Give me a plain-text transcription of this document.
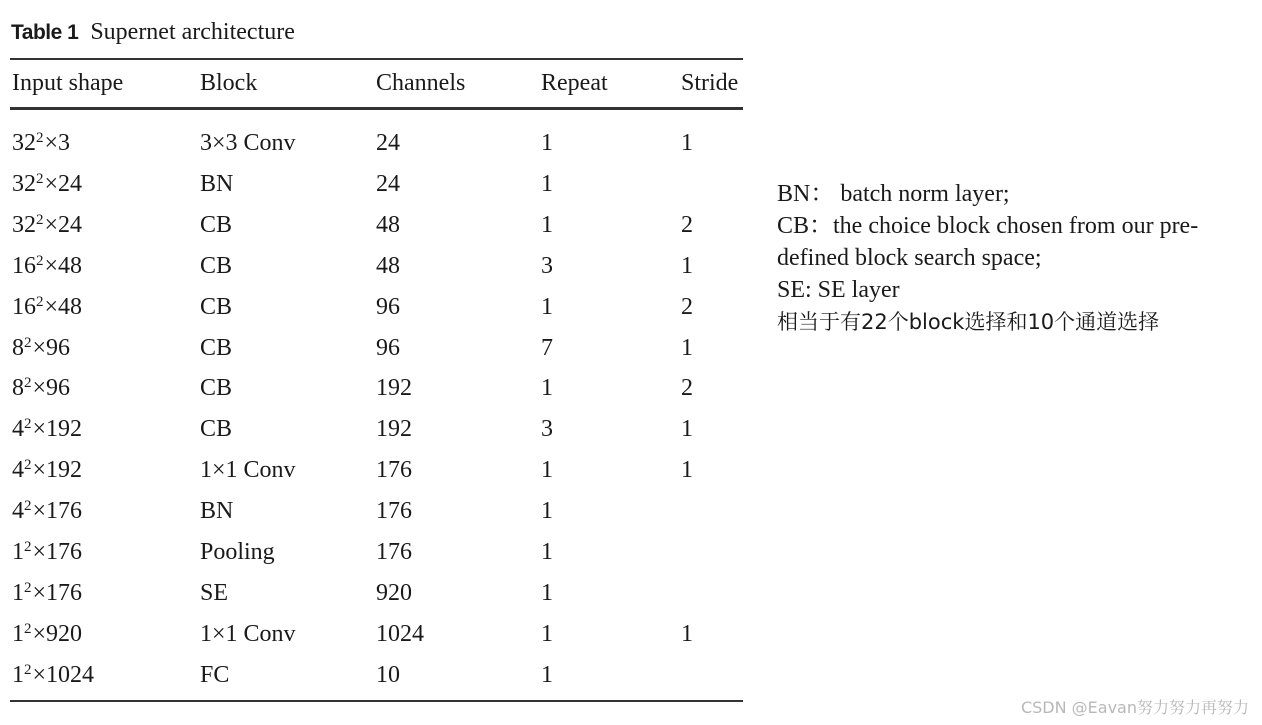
Table 1 Supernet architecture
Input shape	Block	Channels	Repeat	Stride
$32^2\times 3$	3×3 Conv	24	1	1
$32^2\times 24$	BN	24	1
$32^2\times 24$	CB	48	1	2
$16^2\times 48$	CB	48	3	1
$16^2\times 48$	CB	96	1	2
$8^2\times 96$	CB	96	7	1
$8^2\times 96$	CB	192	1	2
$4^2\times 192$	CB	192	3	1
$4^2\times 192$	1×1 Conv	176	1	1
$4^2\times 176$	BN	176	1
$1^2\times 176$	Pooling	176	1
$1^2\times 176$	SE	920	1
$1^2\times 920$	1×1 Conv	1024	1	1
$1^2\times 1024$	FC	10	1
BN： batch norm layer;
CB：the choice block chosen from our pre-
defined block search space;
SE: SE layer
相当于有22个block选择和10个通道选择
CSDN @Eavan努力努力再努力
